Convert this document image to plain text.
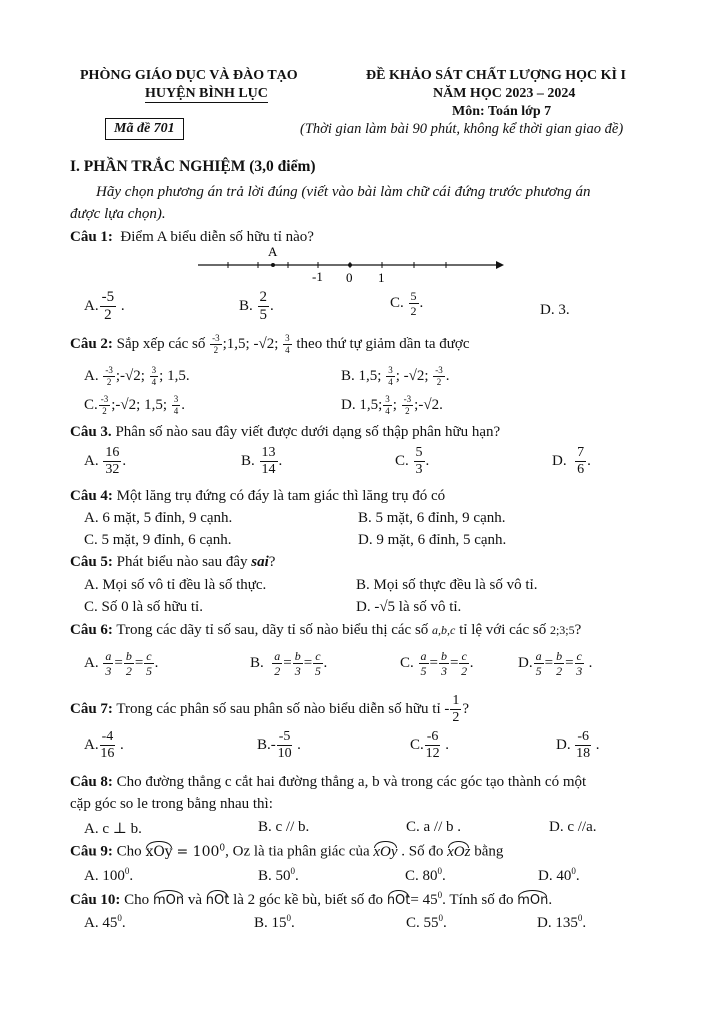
PHÒNG GIÁO DỤC VÀ ĐÀO TẠO
HUYỆN BÌNH LỤC
ĐỀ KHẢO SÁT CHẤT LƯỢNG HỌC KÌ I
NĂM HỌC 2023 – 2024
Môn: Toán lớp 7
Mã đề 701	(Thời gian làm bài 90 phút, không kể thời gian giao đề)
I. PHẦN TRẮC NGHIỆM (3,0 điểm)
Hãy chọn phương án trả lời đúng (viết vào bài làm chữ cái đứng trước phương án
được lựa chọn).
Câu 1: Điểm A biểu diễn số hữu tỉ nào?
A
-1 0 1
A. $\frac{-5}{2}$ .	B. $\frac{2}{5}$ .	C. $\frac{5}{2}$ .	D. 3.
Câu 2: Sắp xếp các số $\frac{-3}{2}$ ;1,5; -√2; $\frac{3}{4}$ theo thứ tự giảm dần ta được
A. $\frac{-3}{2}$ ;-√2; $\frac{3}{4}$ ; 1,5.	B. 1,5; $\frac{3}{4}$ ; -√2; $\frac{-3}{2}$ .
C. $\frac{-3}{2}$ ;-√2; 1,5; $\frac{3}{4}$ .	D. 1,5; $\frac{3}{4}$ ; $\frac{-3}{2}$ ;-√2.
Câu 3. Phân số nào sau đây viết được dưới dạng số thập phân hữu hạn?
A. $\frac{16}{32}$ .	B. $\frac{13}{14}$ .	C. $\frac{5}{3}$ .	D. $\frac{7}{6}$ .
Câu 4: Một lăng trụ đứng có đáy là tam giác thì lăng trụ đó có
A. 6 mặt, 5 đỉnh, 9 cạnh.	B. 5 mặt, 6 đỉnh, 9 cạnh.
C. 5 mặt, 9 đỉnh, 6 cạnh.	D. 9 mặt, 6 đỉnh, 5 cạnh.
Câu 5: Phát biểu nào sau đây sai?
A. Mọi số vô tỉ đều là số thực.	B. Mọi số thực đều là số vô tỉ.
C. Số 0 là số hữu tỉ.	D. -√5 là số vô tỉ.
Câu 6: Trong các dãy tỉ số sau, dãy tỉ số nào biểu thị các số a,b,c tỉ lệ với các số 2;3;5?
A. $\frac{a}{3} = \frac{b}{2} = \frac{c}{5}$ .	B. $\frac{a}{2} = \frac{b}{3} = \frac{c}{5}$ .	C. $\frac{a}{5} = \frac{b}{3} = \frac{c}{2}$ .	D. $\frac{a}{5} = \frac{b}{2} = \frac{c}{3}$ .
Câu 7: Trong các phân số sau phân số nào biểu diễn số hữu tỉ - $\frac{1}{2}$ ?
A. $\frac{-4}{16}$ .	$B.- \frac{-5}{10}$ .	C. $\frac{-6}{12}$ .	D. $\frac{-6}{18}$ .
Câu 8: Cho đường thẳng c cắt hai đường thẳng a, b và trong các góc tạo thành có một
cặp góc so le trong bằng nhau thì:
A. c ⊥ b.	B. c // b.	C. a // b .	D. c //a.
Câu 9: Cho xOy = $100^0$, Oz là tia phân giác của xOy . Số đo xOz bằng
A. $100^0$.	B. $50^0$.	C. $80^0$.	D. $40^0$.
Câu 10: Cho mOn và nOt là 2 góc kề bù, biết số đo $nOt= 45^0$. Tính số đo mOn.
A. $45^0$.	B. $15^0$.	C. $55^0$.	D. $135^0$.
